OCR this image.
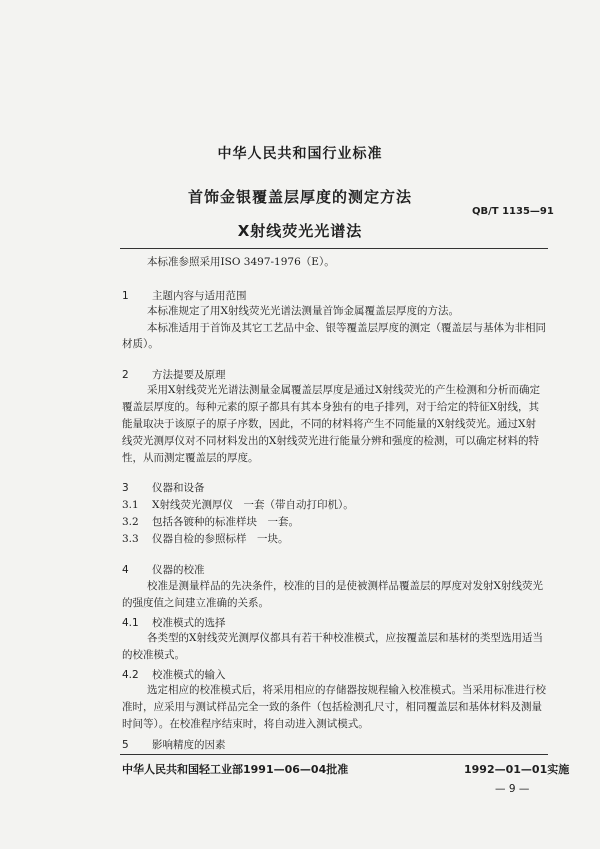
中华人民共和国行业标准
首饰金银覆盖层厚度的测定方法
QB/T 1135—91
X射线荧光光谱法
本标准参照采用ISO 3497-1976（E）。
1 主题内容与适用范围
本标准规定了用X射线荧光光谱法测量首饰金属覆盖层厚度的方法。
本标准适用于首饰及其它工艺品中金、银等覆盖层厚度的测定（覆盖层与基体为非相同
材质）。
2 方法提要及原理
采用X射线荧光光谱法测量金属覆盖层厚度是通过X射线荧光的产生检测和分析而确定
覆盖层厚度的。每种元素的原子都具有其本身独有的电子排列，对于给定的特征X射线，其
能量取决于该原子的原子序数，因此，不同的材料将产生不同能量的X射线荧光。通过X射
线荧光测厚仪对不同材料发出的X射线荧光进行能量分辨和强度的检测，可以确定材料的特
性，从而测定覆盖层的厚度。
3 仪器和设备
3.1 X射线荧光测厚仪　一套（带自动打印机）。
3.2 包括各镀种的标准样块　一套。
3.3 仪器自检的参照标样　一块。
4 仪器的校准
校准是测量样品的先决条件，校准的目的是使被测样品覆盖层的厚度对发射X射线荧光
的强度值之间建立准确的关系。
4.1 校准模式的选择
各类型的X射线荧光测厚仪都具有若干种校准模式，应按覆盖层和基材的类型选用适当
的校准模式。
4.2 校准模式的输入
选定相应的校准模式后，将采用相应的存储器按规程输入校准模式。当采用标准进行校
准时，应采用与测试样品完全一致的条件（包括检测孔尺寸，相同覆盖层和基体材料及测量
时间等）。在校准程序结束时，将自动进入测试模式。
5 影响精度的因素
中华人民共和国轻工业部1991—06—04批准	1992—01—01实施
— 9 —
